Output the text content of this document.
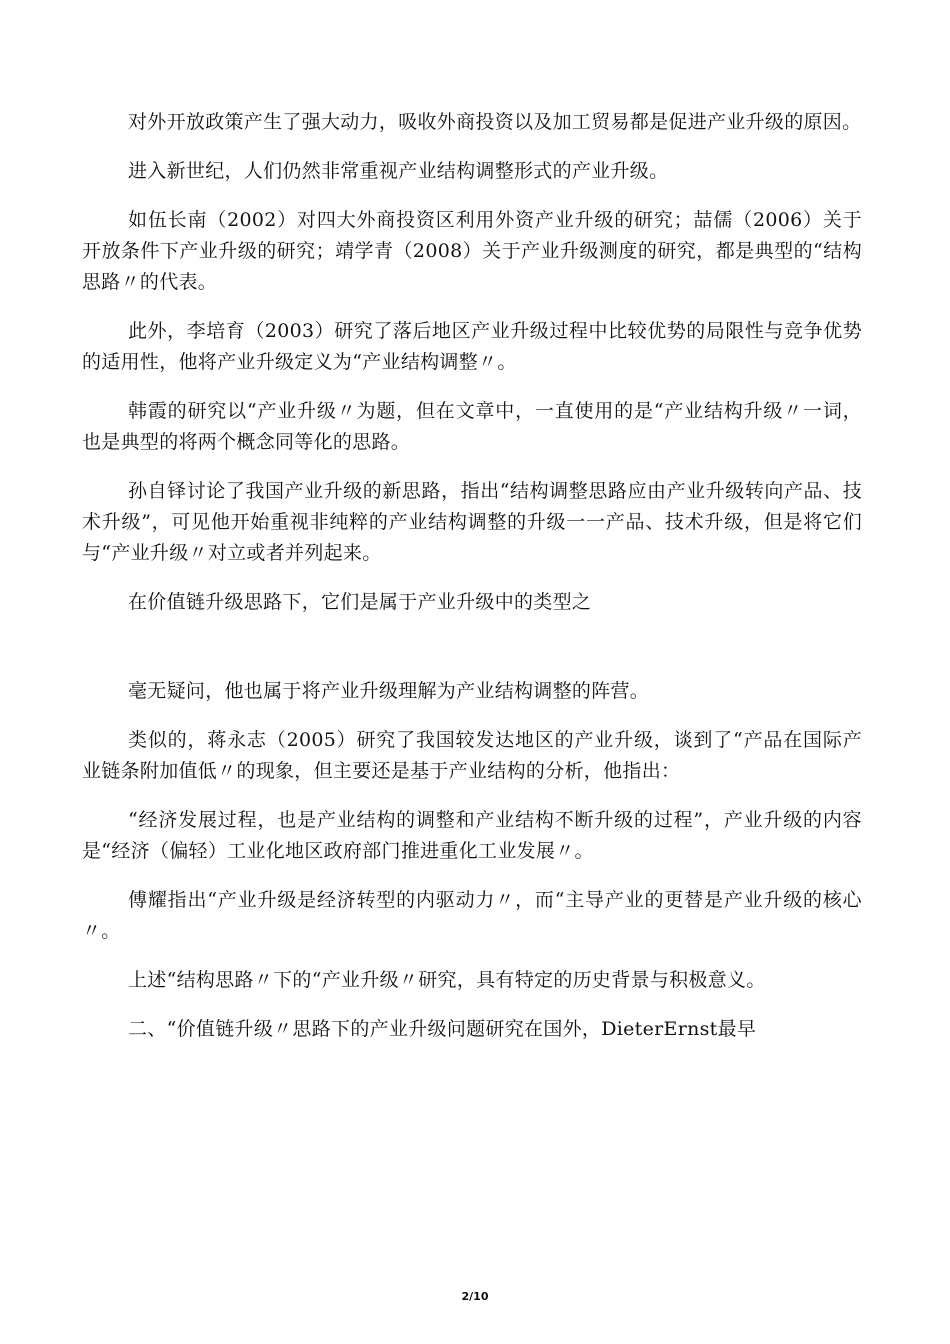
对外开放政策产生了强大动力，吸收外商投资以及加工贸易都是促进产业升级的原因。

进入新世纪，人们仍然非常重视产业结构调整形式的产业升级。

如伍长南（2002）对四大外商投资区利用外资产业升级的研究；喆儒（2006）关于开放条件下产业升级的研究；靖学青（2008）关于产业升级测度的研究，都是典型的“结构思路〃的代表。

此外，李培育（2003）研究了落后地区产业升级过程中比较优势的局限性与竞争优势的适用性，他将产业升级定义为“产业结构调整〃。

韩霞的研究以“产业升级〃为题，但在文章中，一直使用的是“产业结构升级〃一词，也是典型的将两个概念同等化的思路。

孙自铎讨论了我国产业升级的新思路，指出“结构调整思路应由产业升级转向产品、技术升级”，可见他开始重视非纯粹的产业结构调整的升级一一产品、技术升级，但是将它们与“产业升级〃对立或者并列起来。

在价值链升级思路下，它们是属于产业升级中的类型之

毫无疑问，他也属于将产业升级理解为产业结构调整的阵营。

类似的，蒋永志（2005）研究了我国较发达地区的产业升级，谈到了“产品在国际产业链条附加值低〃的现象，但主要还是基于产业结构的分析，他指出：

“经济发展过程，也是产业结构的调整和产业结构不断升级的过程”，产业升级的内容是“经济（偏轻）工业化地区政府部门推进重化工业发展〃。

傅耀指出“产业升级是经济转型的内驱动力〃，而“主导产业的更替是产业升级的核心〃。

上述“结构思路〃下的“产业升级〃研究，具有特定的历史背景与积极意义。

二、“价值链升级〃思路下的产业升级问题研究在国外，DieterErnst最早

2/10
